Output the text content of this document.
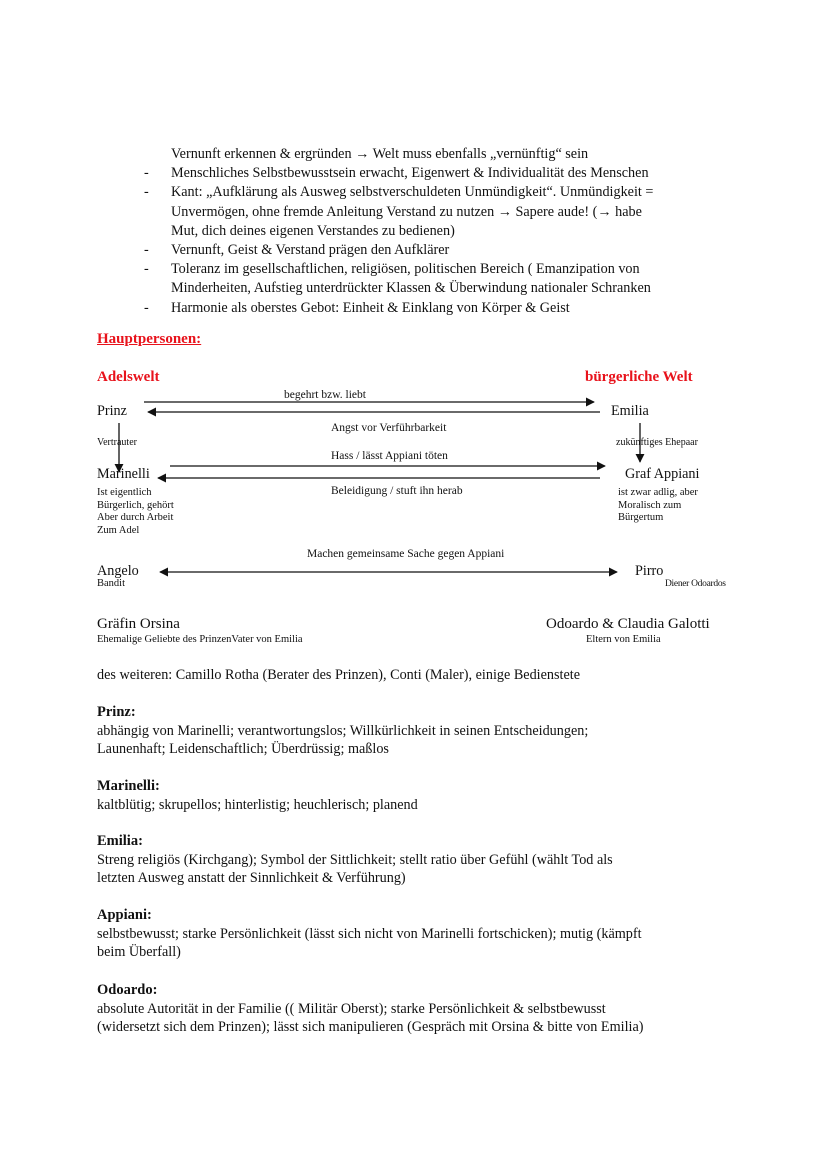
Vernunft erkennen & ergründen → Welt muss ebenfalls „vernünftig“ sein
- Menschliches Selbstbewusstsein erwacht, Eigenwert & Individualität des Menschen
- Kant: „Aufklärung als Ausweg selbstverschuldeten Unmündigkeit“. Unmündigkeit =
Unvermögen, ohne fremde Anleitung Verstand zu nutzen → Sapere aude! (→ habe
Mut, dich deines eigenen Verstandes zu bedienen)
- Vernunft, Geist & Verstand prägen den Aufklärer
- Toleranz im gesellschaftlichen, religiösen, politischen Bereich ( Emanzipation von
Minderheiten, Aufstieg unterdrückter Klassen & Überwindung nationaler Schranken
- Harmonie als oberstes Gebot: Einheit & Einklang von Körper & Geist
Hauptpersonen:
Adelswelt	bürgerliche Welt
begehrt bzw. liebt
Angst vor Verführbarkeit
Hass / lässt Appiani töten
Beleidigung / stuft ihn herab
Machen gemeinsame Sache gegen Appiani
Prinz	Emilia
Vertrauter	zukünftiges Ehepaar
Marinelli	Graf Appiani
Ist eigentlich
Bürgerlich, gehört
Aber durch Arbeit
Zum Adel
ist zwar adlig, aber
Moralisch zum
Bürgertum
Angelo
Bandit
Pirro
Diener Odoardos
Gräfin Orsina
Ehemalige Geliebte des PrinzenVater von Emilia
Odoardo & Claudia Galotti
Eltern von Emilia
des weiteren: Camillo Rotha (Berater des Prinzen), Conti (Maler), einige Bedienstete
Prinz:
abhängig von Marinelli; verantwortungslos; Willkürlichkeit in seinen Entscheidungen;
Launenhaft; Leidenschaftlich; Überdrüssig; maßlos
Marinelli:
kaltblütig; skrupellos; hinterlistig; heuchlerisch; planend
Emilia:
Streng religiös (Kirchgang); Symbol der Sittlichkeit; stellt ratio über Gefühl (wählt Tod als
letzten Ausweg anstatt der Sinnlichkeit & Verführung)
Appiani:
selbstbewusst; starke Persönlichkeit (lässt sich nicht von Marinelli fortschicken); mutig (kämpft
beim Überfall)
Odoardo:
absolute Autorität in der Familie (( Militär Oberst); starke Persönlichkeit & selbstbewusst
(widersetzt sich dem Prinzen); lässt sich manipulieren (Gespräch mit Orsina & bitte von Emilia)
